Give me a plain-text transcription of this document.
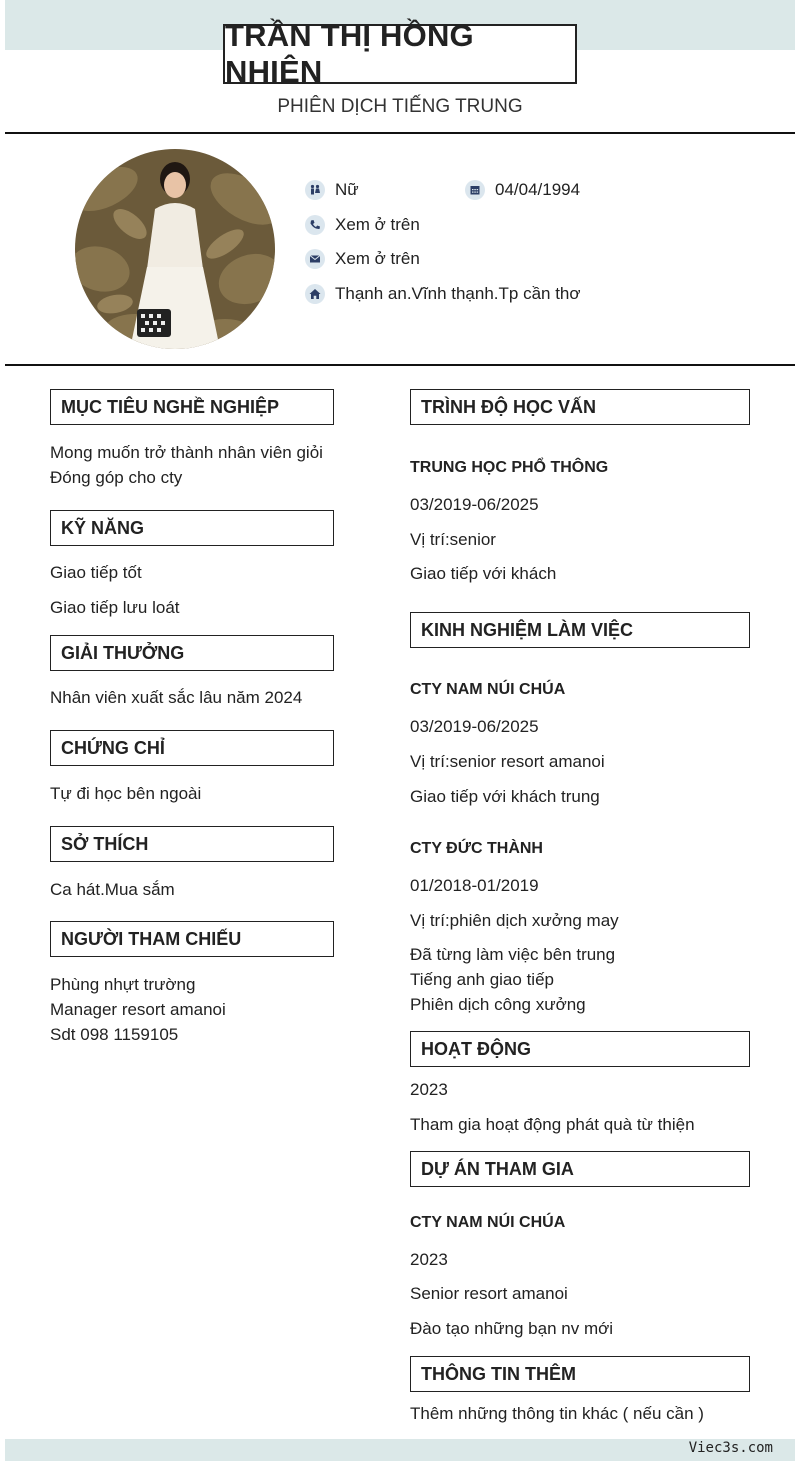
TRẦN THỊ HỒNG NHIÊN
PHIÊN DỊCH TIẾNG TRUNG
Nữ	04/04/1994
Xem ở trên
Xem ở trên
Thạnh an.Vĩnh thạnh.Tp cần thơ
MỤC TIÊU NGHỀ NGHIỆP
Mong muốn trở thành nhân viên giỏi
Đóng góp cho cty
KỸ NĂNG
Giao tiếp tốt
Giao tiếp lưu loát
GIẢI THƯỞNG
Nhân viên xuất sắc lâu năm 2024
CHỨNG CHỈ
Tự đi học bên ngoài
SỞ THÍCH
Ca hát.Mua sắm
NGƯỜI THAM CHIẾU
Phùng nhựt trường
Manager resort amanoi
Sdt 098 1159105
TRÌNH ĐỘ HỌC VẤN
TRUNG HỌC PHỔ THÔNG
03/2019-06/2025
Vị trí:senior
Giao tiếp với khách
KINH NGHIỆM LÀM VIỆC
CTY NAM NÚI CHÚA
03/2019-06/2025
Vị trí:senior resort amanoi
Giao tiếp với khách trung
CTY ĐỨC THÀNH
01/2018-01/2019
Vị trí:phiên dịch xưởng may
Đã từng làm việc bên trung
Tiếng anh giao tiếp
Phiên dịch công xưởng
HOẠT ĐỘNG
2023
Tham gia hoạt động phát quà từ thiện
DỰ ÁN THAM GIA
CTY NAM NÚI CHÚA
2023
Senior resort amanoi
Đào tạo những bạn nv mới
THÔNG TIN THÊM
Thêm những thông tin khác ( nếu cần )
Viec3s.com
